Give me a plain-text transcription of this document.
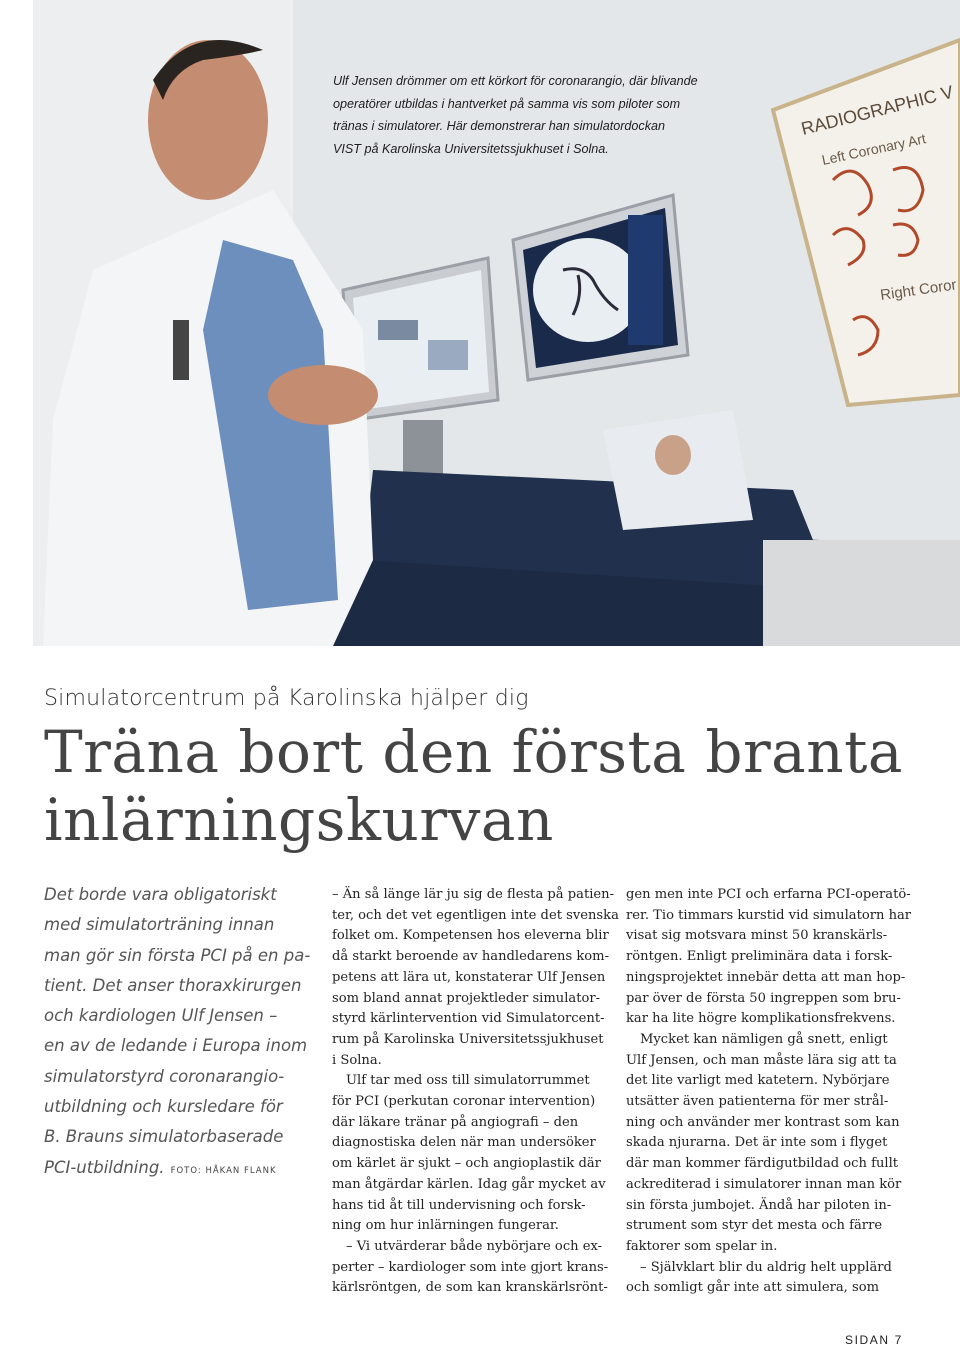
RADIOGRAPHIC V
Left Coronary Art
Right Coror
Ulf Jensen drömmer om ett körkort för coronarangio, där blivande
operatörer utbildas i hantverket på samma vis som piloter som
tränas i simulatorer. Här demonstrerar han simulatordockan
VIST på Karolinska Universitetssjukhuset i Solna.
Simulatorcentrum på Karolinska hjälper dig
Träna bort den första branta
inlärningskurvan
Det borde vara obligatoriskt
med simulatorträning innan
man gör sin första PCI på en pa-
tient. Det anser thoraxkirurgen
och kardiologen Ulf Jensen –
en av de ledande i Europa inom
simulatorstyrd coronarangio-
utbildning och kursledare för
B. Brauns simulatorbaserade
PCI-utbildning. FOTO: HÅKAN FLANK
– Än så länge lär ju sig de flesta på patien-
ter, och det vet egentligen inte det svenska
folket om. Kompetensen hos eleverna blir
då starkt beroende av handledarens kom-
petens att lära ut, konstaterar Ulf Jensen
som bland annat projektleder simulator-
styrd kärlintervention vid Simulatorcent-
rum på Karolinska Universitetssjukhuset
i Solna.
Ulf tar med oss till simulatorrummet
för PCI (perkutan coronar intervention)
där läkare tränar på angiografi – den
diagnostiska delen när man undersöker
om kärlet är sjukt – och angioplastik där
man åtgärdar kärlen. Idag går mycket av
hans tid åt till undervisning och forsk-
ning om hur inlärningen fungerar.
– Vi utvärderar både nybörjare och ex-
perter – kardiologer som inte gjort krans-
kärlsröntgen, de som kan kranskärlsrönt-
gen men inte PCI och erfarna PCI-operatö-
rer. Tio timmars kurstid vid simulatorn har
visat sig motsvara minst 50 kranskärls-
röntgen. Enligt preliminära data i forsk-
ningsprojektet innebär detta att man hop-
par över de första 50 ingreppen som bru-
kar ha lite högre komplikationsfrekvens.
Mycket kan nämligen gå snett, enligt
Ulf Jensen, och man måste lära sig att ta
det lite varligt med katetern. Nybörjare
utsätter även patienterna för mer strål-
ning och använder mer kontrast som kan
skada njurarna. Det är inte som i flyget
där man kommer färdigutbildad och fullt
ackrediterad i simulatorer innan man kör
sin första jumbojet. Ändå har piloten in-
strument som styr det mesta och färre
faktorer som spelar in.
– Självklart blir du aldrig helt upplärd
och somligt går inte att simulera, som
SIDAN 7
